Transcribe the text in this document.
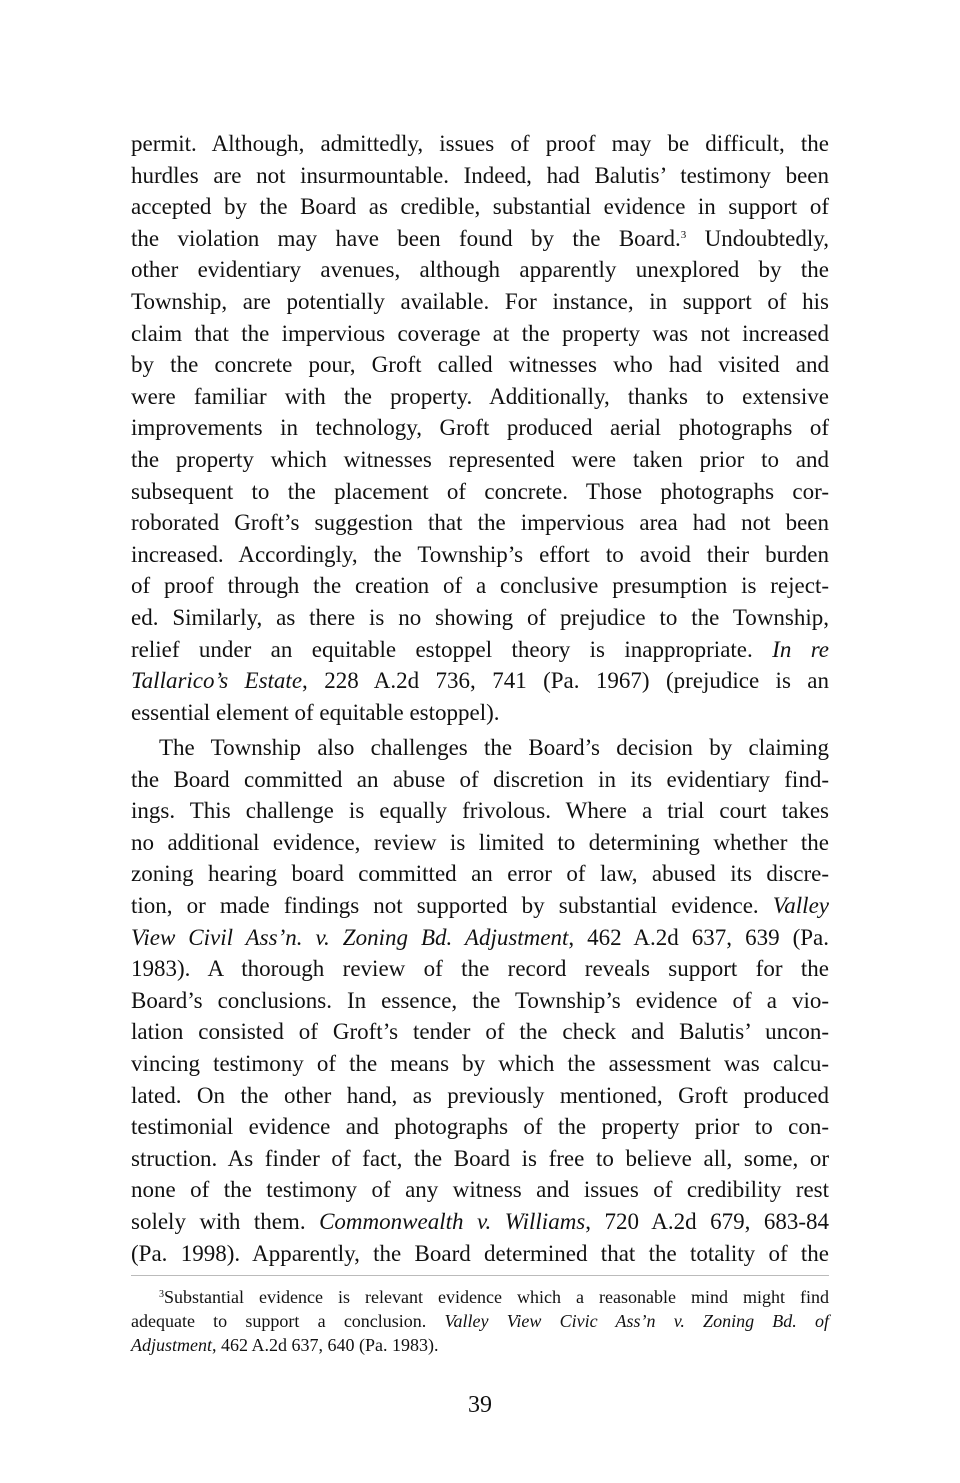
permit. Although, admittedly, issues of proof may be difficult, the
hurdles are not insurmountable. Indeed, had Balutis’ testimony been
accepted by the Board as credible, substantial evidence in support of
the violation may have been found by the Board.$^3$ Undoubtedly,
other evidentiary avenues, although apparently unexplored by the
Township, are potentially available. For instance, in support of his
claim that the impervious coverage at the property was not increased
by the concrete pour, Groft called witnesses who had visited and
were familiar with the property. Additionally, thanks to extensive
improvements in technology, Groft produced aerial photographs of
the property which witnesses represented were taken prior to and
subsequent to the placement of concrete. Those photographs cor-
roborated Groft’s suggestion that the impervious area had not been
increased. Accordingly, the Township’s effort to avoid their burden
of proof through the creation of a conclusive presumption is reject-
ed. Similarly, as there is no showing of prejudice to the Township,
relief under an equitable estoppel theory is inappropriate. In re
Tallarico’s Estate, 228 A.2d 736, 741 (Pa. 1967) (prejudice is an
essential element of equitable estoppel).
The Township also challenges the Board’s decision by claiming
the Board committed an abuse of discretion in its evidentiary find-
ings. This challenge is equally frivolous. Where a trial court takes
no additional evidence, review is limited to determining whether the
zoning hearing board committed an error of law, abused its discre-
tion, or made findings not supported by substantial evidence. Valley
View Civil Ass’n. v. Zoning Bd. Adjustment, 462 A.2d 637, 639 (Pa.
1983). A thorough review of the record reveals support for the
Board’s conclusions. In essence, the Township’s evidence of a vio-
lation consisted of Groft’s tender of the check and Balutis’ uncon-
vincing testimony of the means by which the assessment was calcu-
lated. On the other hand, as previously mentioned, Groft produced
testimonial evidence and photographs of the property prior to con-
struction. As finder of fact, the Board is free to believe all, some, or
none of the testimony of any witness and issues of credibility rest
solely with them. Commonwealth v. Williams, 720 A.2d 679, 683-84
(Pa. 1998). Apparently, the Board determined that the totality of the
$^3$Substantial evidence is relevant evidence which a reasonable mind might find
adequate to support a conclusion. Valley View Civic Ass’n v. Zoning Bd. of
Adjustment, 462 A.2d 637, 640 (Pa. 1983).
39
